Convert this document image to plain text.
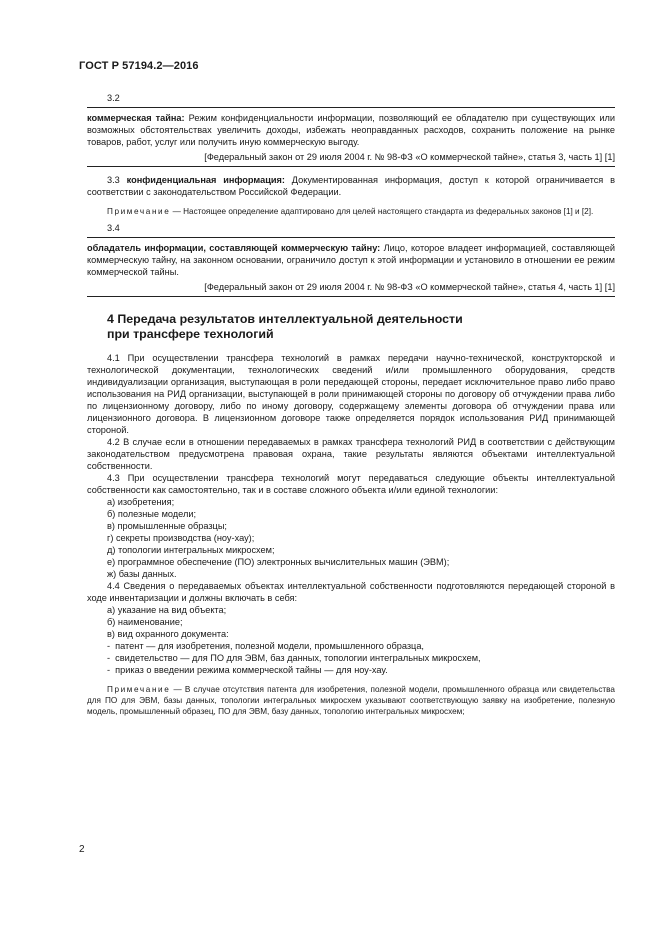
ГОСТ Р 57194.2—2016

3.2

коммерческая тайна: Режим конфиденциальности информации, позволяющий ее обладателю при существующих или возможных обстоятельствах увеличить доходы, избежать неоправданных расходов, сохранить положение на рынке товаров, работ, услуг или получить иную коммерческую выгоду.

[Федеральный закон от 29 июля 2004 г. № 98-ФЗ «О коммерческой тайне», статья 3, часть 1] [1]

3.3 конфиденциальная информация: Документированная информация, доступ к которой ограничивается в соответствии с законодательством Российской Федерации.

Примечание — Настоящее определение адаптировано для целей настоящего стандарта из федеральных законов [1] и [2].

3.4

обладатель информации, составляющей коммерческую тайну: Лицо, которое владеет информацией, составляющей коммерческую тайну, на законном основании, ограничило доступ к этой информации и установило в отношении ее режим коммерческой тайны.

[Федеральный закон от 29 июля 2004 г. № 98-ФЗ «О коммерческой тайне», статья 4, часть 1] [1]

4 Передача результатов интеллектуальной деятельности
при трансфере технологий

4.1 При осуществлении трансфера технологий в рамках передачи научно-технической, конструкторской и технологической документации, технологических сведений и/или промышленного оборудования, средств индивидуализации организация, выступающая в роли передающей стороны, передает исключительное право либо право использования на РИД организации, выступающей в роли принимающей стороны по договору об отчуждении права либо по лицензионному договору, либо по иному договору, содержащему элементы договора об отчуждении права или лицензионного договора. В лицензионном договоре также определяется порядок использования РИД принимающей стороной.

4.2 В случае если в отношении передаваемых в рамках трансфера технологий РИД в соответствии с действующим законодательством предусмотрена правовая охрана, такие результаты являются объектами интеллектуальной собственности.

4.3 При осуществлении трансфера технологий могут передаваться следующие объекты интеллектуальной собственности как самостоятельно, так и в составе сложного объекта и/или единой технологии:

а) изобретения;

б) полезные модели;

в) промышленные образцы;

г) секреты производства (ноу-хау);

д) топологии интегральных микросхем;

е) программное обеспечение (ПО) электронных вычислительных машин (ЭВМ);

ж) базы данных.

4.4 Сведения о передаваемых объектах интеллектуальной собственности подготовляются передающей стороной в ходе инвентаризации и должны включать в себя:

а) указание на вид объекта;

б) наименование;

в) вид охранного документа:

-  патент — для изобретения, полезной модели, промышленного образца,

-  свидетельство — для ПО для ЭВМ, баз данных, топологии интегральных микросхем,

-  приказ о введении режима коммерческой тайны — для ноу-хау.

Примечание — В случае отсутствия патента для изобретения, полезной модели, промышленного образца или свидетельства для ПО для ЭВМ, базы данных, топологии интегральных микросхем указывают соответствующую заявку на изобретение, полезную модель, промышленный образец, ПО для ЭВМ, базу данных, топологию интегральных микросхем;

2
